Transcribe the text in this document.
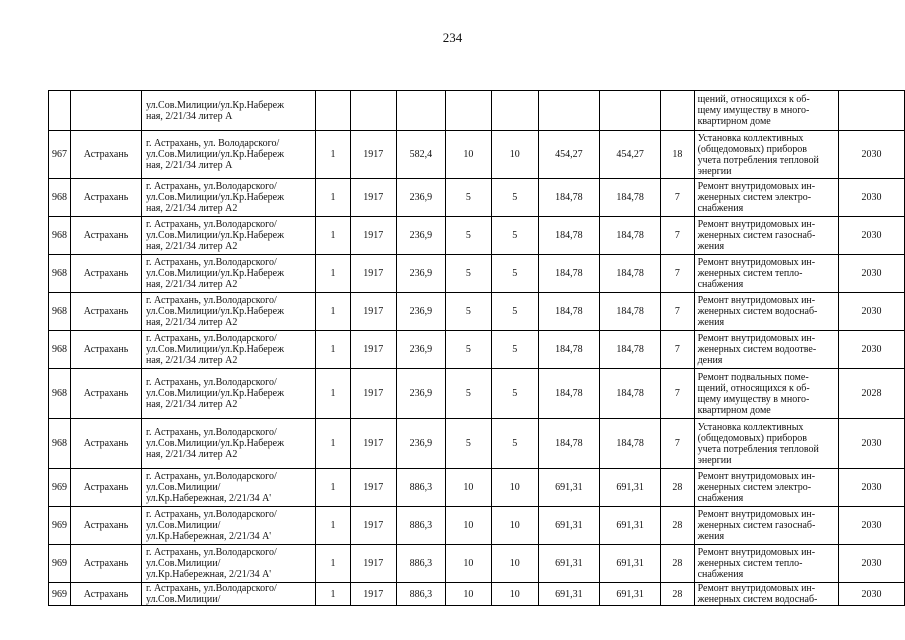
234

		ул.Сов.Милиции/ул.Кр.Набереж
ная, 2/21/34 литер А									щений, относящихся к об-
щему имуществу в много-
квартирном доме	

967	Астрахань	г. Астрахань, ул. Володарского/
ул.Сов.Милиции/ул.Кр.Набереж
ная, 2/21/34 литер А	1	1917	582,4	10	10	454,27	454,27	18	Установка коллективных
(общедомовых) приборов
учета потребления тепловой
энергии	2030
968	Астрахань	г. Астрахань, ул.Володарского/
ул.Сов.Милиции/ул.Кр.Набереж
ная, 2/21/34 литер А2	1	1917	236,9	5	5	184,78	184,78	7	Ремонт внутридомовых ин-
женерных систем электро-
снабжения	2030
968	Астрахань	г. Астрахань, ул.Володарского/
ул.Сов.Милиции/ул.Кр.Набереж
ная, 2/21/34 литер А2	1	1917	236,9	5	5	184,78	184,78	7	Ремонт внутридомовых ин-
женерных систем газоснаб-
жения	2030
968	Астрахань	г. Астрахань, ул.Володарского/
ул.Сов.Милиции/ул.Кр.Набереж
ная, 2/21/34 литер А2	1	1917	236,9	5	5	184,78	184,78	7	Ремонт внутридомовых ин-
женерных систем тепло-
снабжения	2030
968	Астрахань	г. Астрахань, ул.Володарского/
ул.Сов.Милиции/ул.Кр.Набереж
ная, 2/21/34 литер А2	1	1917	236,9	5	5	184,78	184,78	7	Ремонт внутридомовых ин-
женерных систем водоснаб-
жения	2030
968	Астрахань	г. Астрахань, ул.Володарского/
ул.Сов.Милиции/ул.Кр.Набереж
ная, 2/21/34 литер А2	1	1917	236,9	5	5	184,78	184,78	7	Ремонт внутридомовых ин-
женерных систем водоотве-
дения	2030
968	Астрахань	г. Астрахань, ул.Володарского/
ул.Сов.Милиции/ул.Кр.Набереж
ная, 2/21/34 литер А2	1	1917	236,9	5	5	184,78	184,78	7	Ремонт подвальных поме-
щений, относящихся к об-
щему имуществу в много-
квартирном доме	2028
968	Астрахань	г. Астрахань, ул.Володарского/
ул.Сов.Милиции/ул.Кр.Набереж
ная, 2/21/34 литер А2	1	1917	236,9	5	5	184,78	184,78	7	Установка коллективных
(общедомовых) приборов
учета потребления тепловой
энергии	2030
969	Астрахань	г. Астрахань, ул.Володарского/
ул.Сов.Милиции/
ул.Кр.Набережная, 2/21/34 А'	1	1917	886,3	10	10	691,31	691,31	28	Ремонт внутридомовых ин-
женерных систем электро-
снабжения	2030
969	Астрахань	г. Астрахань, ул.Володарского/
ул.Сов.Милиции/
ул.Кр.Набережная, 2/21/34 А'	1	1917	886,3	10	10	691,31	691,31	28	Ремонт внутридомовых ин-
женерных систем газоснаб-
жения	2030
969	Астрахань	г. Астрахань, ул.Володарского/
ул.Сов.Милиции/
ул.Кр.Набережная, 2/21/34 А'	1	1917	886,3	10	10	691,31	691,31	28	Ремонт внутридомовых ин-
женерных систем тепло-
снабжения	2030
969	Астрахань	г. Астрахань, ул.Володарского/
ул.Сов.Милиции/	1	1917	886,3	10	10	691,31	691,31	28	Ремонт внутридомовых ин-
женерных систем водоснаб-	2030
